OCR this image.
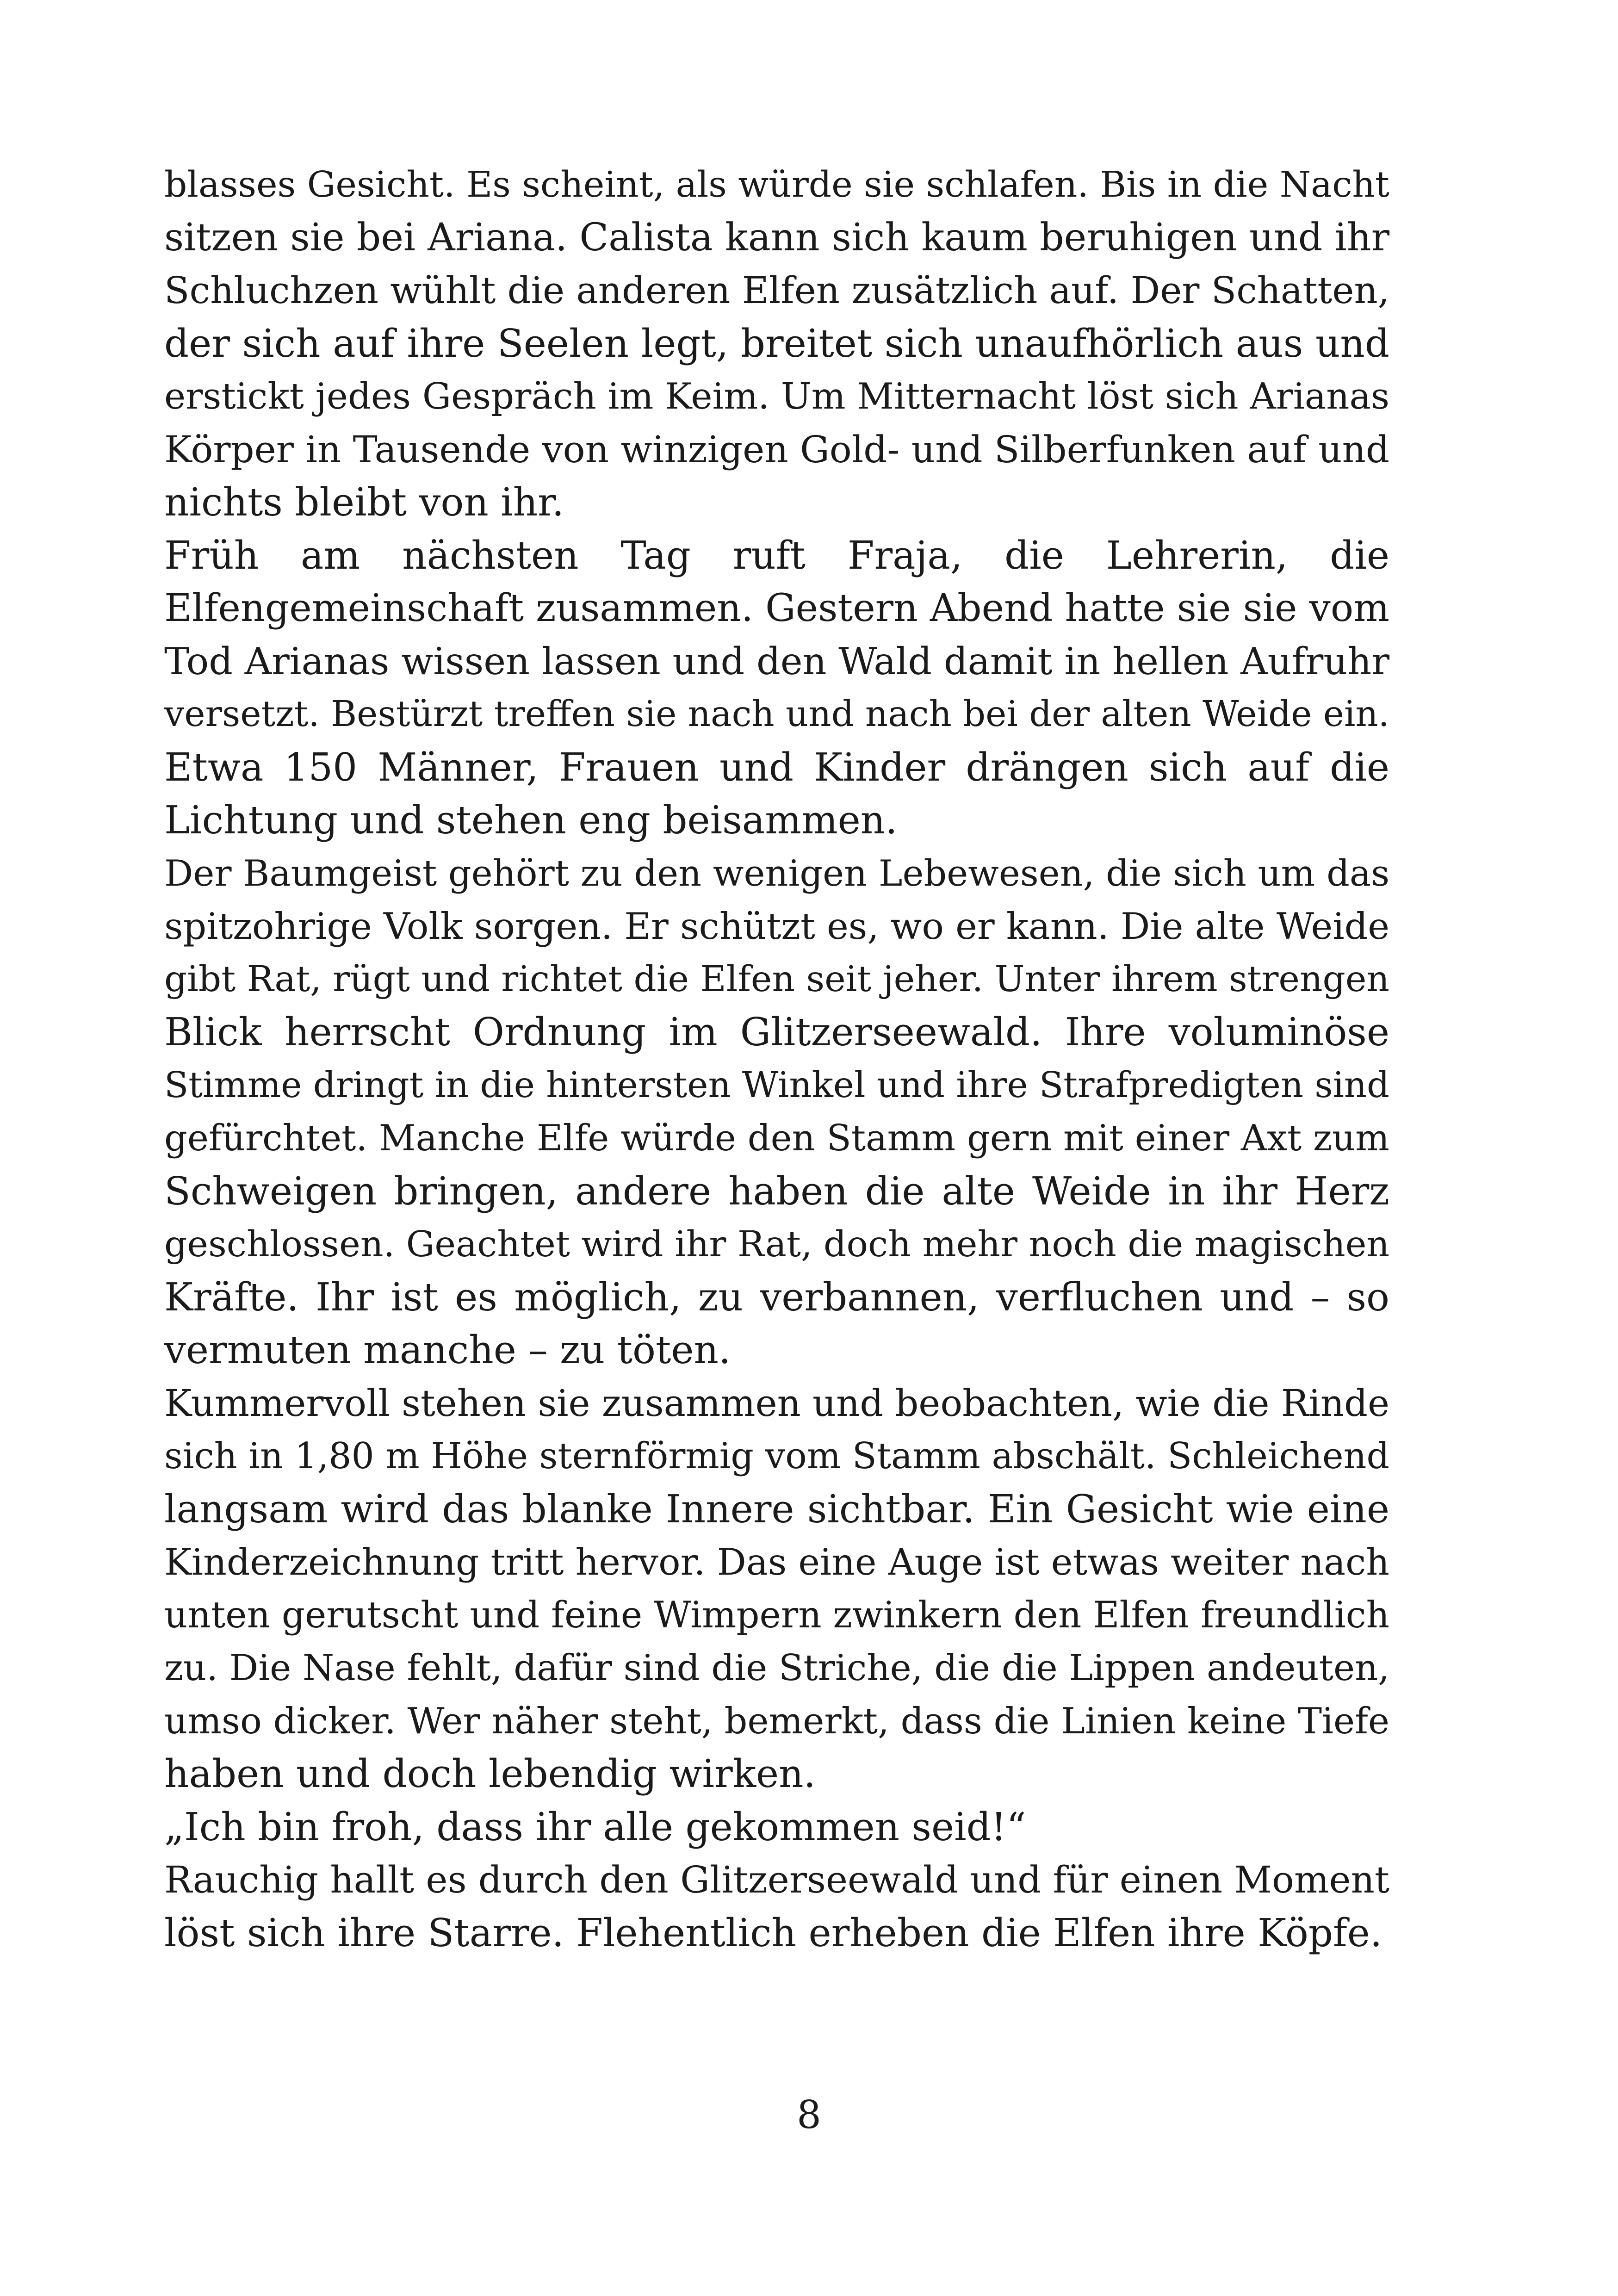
blasses Gesicht. Es scheint, als würde sie schlafen. Bis in die Nacht
sitzen sie bei Ariana. Calista kann sich kaum beruhigen und ihr
Schluchzen wühlt die anderen Elfen zusätzlich auf. Der Schatten,
der sich auf ihre Seelen legt, breitet sich unaufhörlich aus und
erstickt jedes Gespräch im Keim. Um Mitternacht löst sich Arianas
Körper in Tausende von winzigen Gold- und Silberfunken auf und
nichts bleibt von ihr.
Früh am nächsten Tag ruft Fraja, die Lehrerin, die
Elfengemeinschaft zusammen. Gestern Abend hatte sie sie vom
Tod Arianas wissen lassen und den Wald damit in hellen Aufruhr
versetzt. Bestürzt treffen sie nach und nach bei der alten Weide ein.
Etwa 150 Männer, Frauen und Kinder drängen sich auf die
Lichtung und stehen eng beisammen.
Der Baumgeist gehört zu den wenigen Lebewesen, die sich um das
spitzohrige Volk sorgen. Er schützt es, wo er kann. Die alte Weide
gibt Rat, rügt und richtet die Elfen seit jeher. Unter ihrem strengen
Blick herrscht Ordnung im Glitzerseewald. Ihre voluminöse
Stimme dringt in die hintersten Winkel und ihre Strafpredigten sind
gefürchtet. Manche Elfe würde den Stamm gern mit einer Axt zum
Schweigen bringen, andere haben die alte Weide in ihr Herz
geschlossen. Geachtet wird ihr Rat, doch mehr noch die magischen
Kräfte. Ihr ist es möglich, zu verbannen, verfluchen und – so
vermuten manche – zu töten.
Kummervoll stehen sie zusammen und beobachten, wie die Rinde
sich in 1,80 m Höhe sternförmig vom Stamm abschält. Schleichend
langsam wird das blanke Innere sichtbar. Ein Gesicht wie eine
Kinderzeichnung tritt hervor. Das eine Auge ist etwas weiter nach
unten gerutscht und feine Wimpern zwinkern den Elfen freundlich
zu. Die Nase fehlt, dafür sind die Striche, die die Lippen andeuten,
umso dicker. Wer näher steht, bemerkt, dass die Linien keine Tiefe
haben und doch lebendig wirken.
„Ich bin froh, dass ihr alle gekommen seid!“
Rauchig hallt es durch den Glitzerseewald und für einen Moment
löst sich ihre Starre. Flehentlich erheben die Elfen ihre Köpfe.
8
